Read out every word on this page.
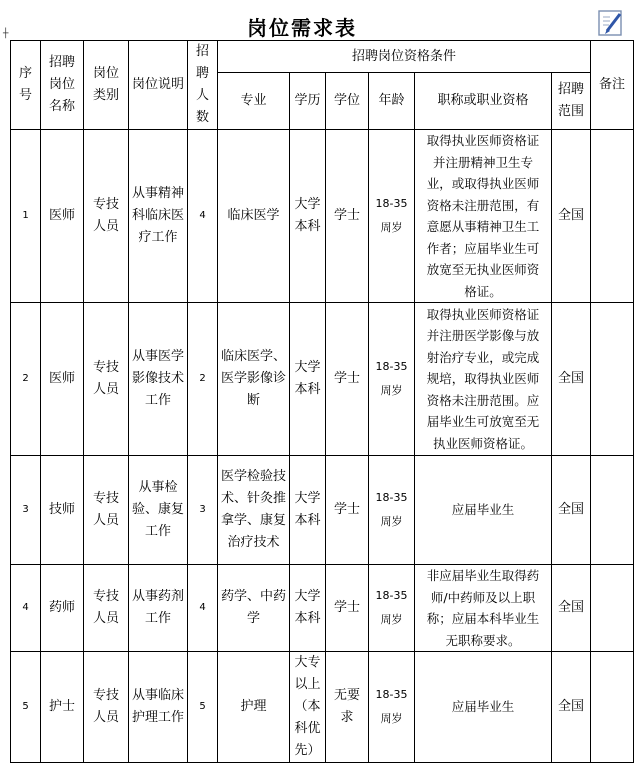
岗位需求表
┼
序号	招聘岗位名称	岗位类别	岗位说明	招聘人数	招聘岗位资格条件						备注
					专业	学历	学位	年龄	职称或职业资格	招聘范围	
1	医师	专技人员	从事精神科临床医疗工作	4	临床医学	大学本科	学士	18-35周岁	取得执业医师资格证并注册精神卫生专业，或取得执业医师资格未注册范围，有意愿从事精神卫生工作者；应届毕业生可放宽至无执业医师资格证。	全国	
2	医师	专技人员	从事医学影像技术工作	2	临床医学、医学影像诊断	大学本科	学士	18-35周岁	取得执业医师资格证并注册医学影像与放射治疗专业，或完成规培，取得执业医师资格未注册范围。应届毕业生可放宽至无执业医师资格证。	全国	
3	技师	专技人员	从事检验、康复工作	3	医学检验技术、针灸推拿学、康复治疗技术	大学本科	学士	18-35周岁	应届毕业生	全国	
4	药师	专技人员	从事药剂工作	4	药学、中药学	大学本科	学士	18-35周岁	非应届毕业生取得药师/中药师及以上职称；应届本科毕业生无职称要求。	全国	
5	护士	专技人员	从事临床护理工作	5	护理	大专以上（本科优先）	无要求	18-35周岁	应届毕业生	全国	
